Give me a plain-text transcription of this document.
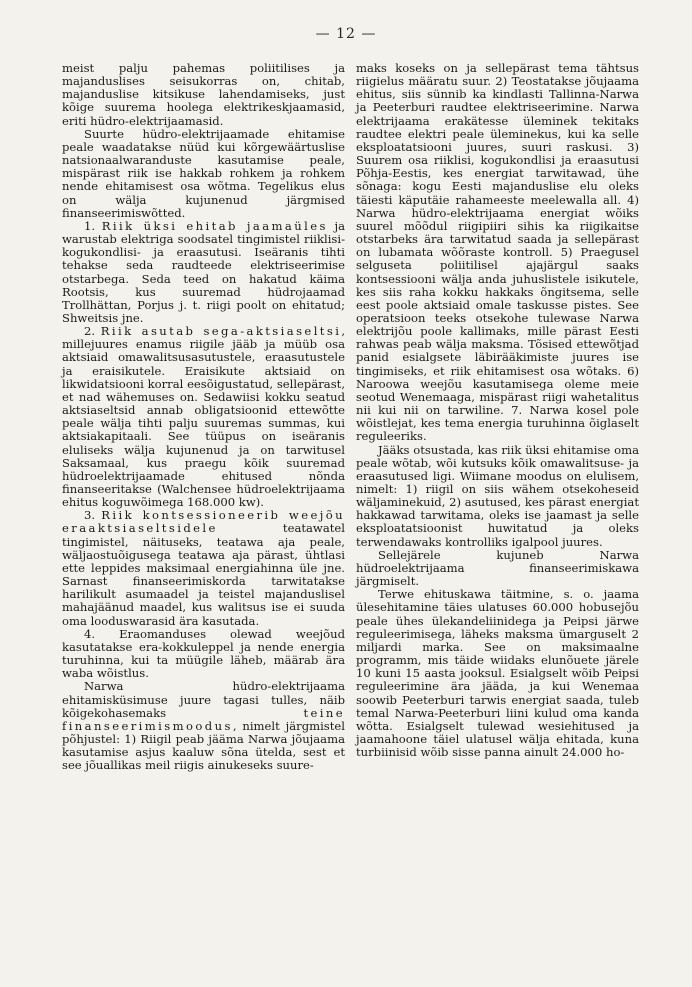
— 12 —

meist palju pahemas poliitilises ja majanduslises seisukorras on, chitab, majanduslise kitsikuse lahendamiseks, just kõige suurema hoolega elektrikeskjaamasid, eriti hüdro-elektrijaamasid.

Suurte hüdro-elektrijaamade ehitamise peale waadatakse nüüd kui kõrgewäärtuslise natsionaalwaranduste kasutamise peale, mispärast riik ise hakkab rohkem ja rohkem nende ehitamisest osa wõtma. Tegelikus elus on wälja kujunenud järgmised finanseerimiswõtted.

1. Riik üksi ehitab jaamaüles ja warustab elektriga soodsatel tingimistel riiklisi-kogukondlisi- ja eraasutusi. Iseäranis tihti tehakse seda raudteede elektriseerimise otstarbega. Seda teed on hakatud käima Rootsis, kus suuremad hüdrojaamad Trollhättan, Porjus j. t. riigi poolt on ehitatud; Shweitsis jne.

2. Riik asutab sega-aktsiaseltsi, millejuures enamus riigile jääb ja müüb osa aktsiaid omawalitsusasutustele, eraasutustele ja eraisikutele. Eraisikute aktsiaid on likwidatsiooni korral eesõigustatud, sellepärast, et nad wähemuses on. Sedawiisi kokku seatud aktsiaseltsid annab obligatsioonid ettewõtte peale wälja tihti palju suuremas summas, kui aktsiakapitaali. See tüüpus on iseäranis eluliseks wälja kujunenud ja on tarwitusel Saksamaal, kus praegu kõik suuremad hüdroelektrijaamade ehitused nõnda finanseeritakse (Walchensee hüdroelektrijaama ehitus koguwõimega 168.000 kw).

3. Riik kontsessioneerib weejõu eraaktsiaseltsidele teatawatel tingimistel, näituseks, teatawa aja peale, wäljaostuõigusega teatawa aja pärast, ühtlasi ette leppides maksimaal energiahinna üle jne. Sarnast finanseerimiskorda tarwitatakse harilikult asumaadel ja teistel majanduslisel mahajäänud maadel, kus walitsus ise ei suuda oma looduswarasid ära kasutada.

4. Eraomanduses olewad weejõud kasutatakse era-kokkuleppel ja nende energia turuhinna, kui ta müügile läheb, määrab ära waba wõistlus.

Narwa hüdro-elektrijaama ehitamisküsimuse juure tagasi tulles, näib kõigekohasemaks teine finanseerimismoodus, nimelt järgmistel põhjustel: 1) Riigil peab jääma Narwa jõujaama kasutamise asjus kaaluw sõna ütelda, sest et see jõuallikas meil riigis ainukeseks suure-

maks koseks on ja sellepärast tema tähtsus riigielus määratu suur. 2) Teostatakse jõujaama ehitus, siis sünnib ka kindlasti Tallinna-Narwa ja Peeterburi raudtee elektriseerimine. Narwa elektrijaama erakätesse üleminek tekitaks raudtee elektri peale üleminekus, kui ka selle eksploatatsiooni juures, suuri raskusi. 3) Suurem osa riiklisi, kogukondlisi ja eraasutusi Põhja-Eestis, kes energiat tarwitawad, ühe sõnaga: kogu Eesti majanduslise elu oleks täiesti käputäie rahameeste meelewalla all. 4) Narwa hüdro-elektrijaama energiat wõiks suurel mõõdul riigipiiri sihis ka riigikaitse otstarbeks ära tarwitatud saada ja sellepärast on lubamata wõõraste kontroll. 5) Praegusel selguseta poliitilisel ajajärgul saaks kontsessiooni wälja anda juhuslistele isikutele, kes siis raha kokku hakkaks õngitsema, selle eest poole aktsiaid omale taskusse pistes. See operatsioon teeks otsekohe tulewase Narwa elektrijõu poole kallimaks, mille pärast Eesti rahwas peab wälja maksma. Tõsised ettewõtjad panid esialgsete läbirääkimiste juures ise tingimiseks, et riik ehitamisest osa wõtaks. 6) Naroowa weejõu kasutamisega oleme meie seotud Wenemaaga, mispärast riigi wahetalitus nii kui nii on tarwiline. 7. Narwa kosel pole wõistlejat, kes tema energia turuhinna õiglaselt reguleeriks.

Jääks otsustada, kas riik üksi ehitamise oma peale wõtab, wõi kutsuks kõik omawalitsuse- ja eraasutused ligi. Wiimane moodus on elulisem, nimelt: 1) riigil on siis wähem otsekoheseid wäljaminekuid, 2) asutused, kes pärast energiat hakkawad tarwitama, oleks ise jaamast ja selle eksploatatsioonist huwitatud ja oleks terwendawaks kontrolliks igalpool juures.

Sellejärele kujuneb Narwa hüdroelektrijaama finanseerimiskawa järgmiselt.

Terwe ehituskawa täitmine, s. o. jaama ülesehitamine täies ulatuses 60.000 hobusejõu peale ühes ülekandeliinidega ja Peipsi järwe reguleerimisega, läheks maksma ümarguselt 2 miljardi marka. See on maksimaalne programm, mis täide wiidaks elunõuete järele 10 kuni 15 aasta jooksul. Esialgselt wõib Peipsi reguleerimine ära jääda, ja kui Wenemaa soowib Peeterburi tarwis energiat saada, tuleb temal Narwa-Peeterburi liini kulud oma kanda wõtta. Esialgselt tulewad wesiehitused ja jaamahoone täiel ulatusel wälja ehitada, kuna turbiinisid wõib sisse panna ainult 24.000 ho-
